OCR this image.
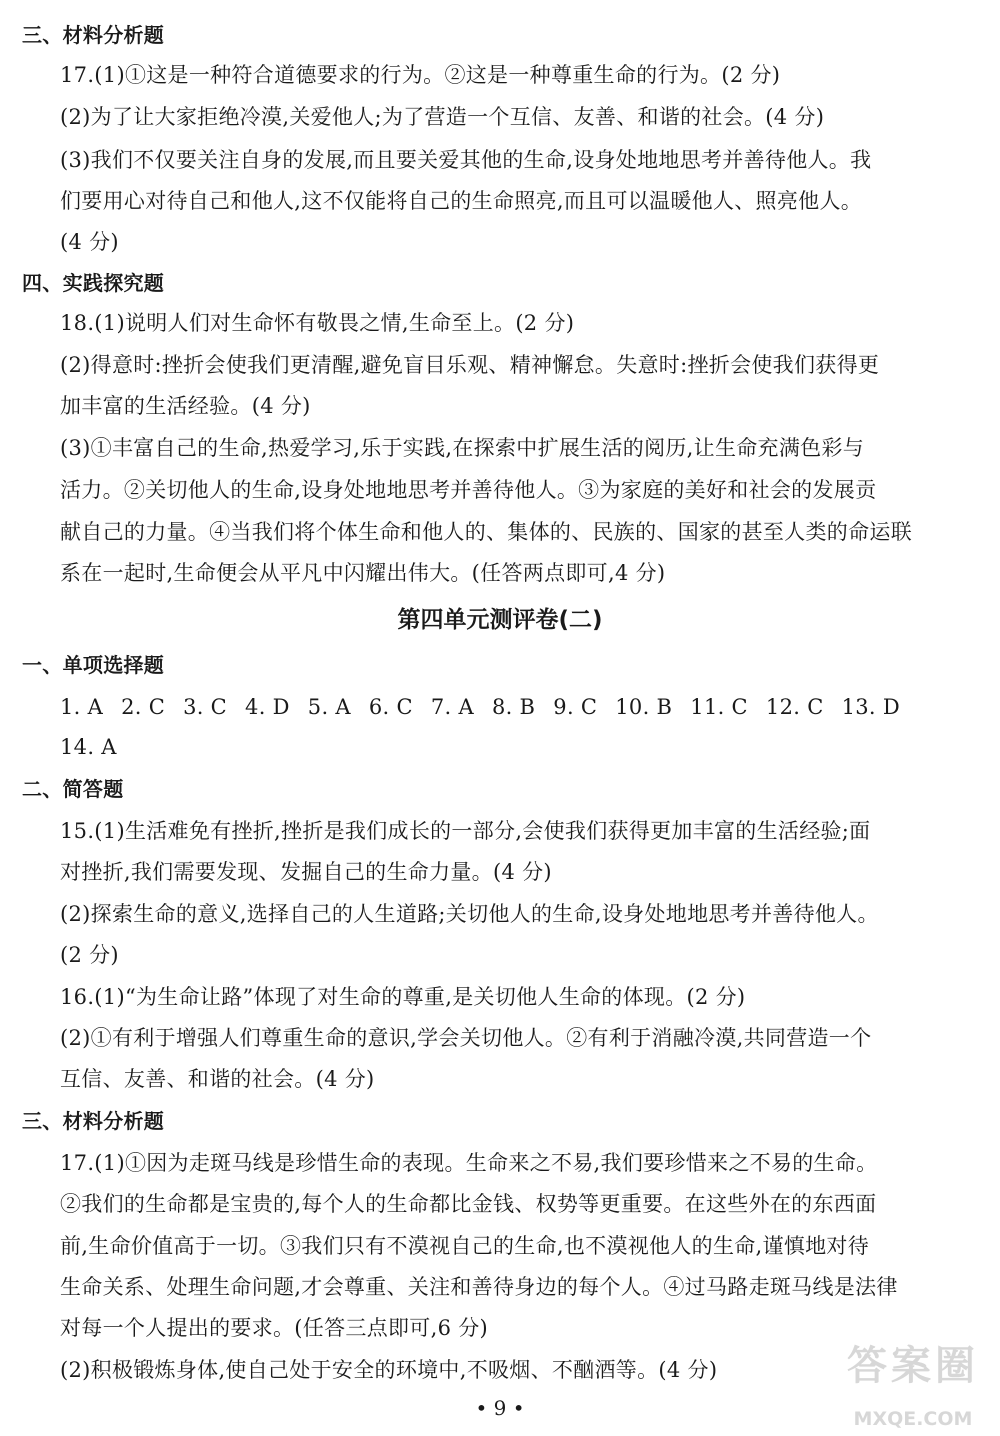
三、材料分析题
17.(1)①这是一种符合道德要求的行为。②这是一种尊重生命的行为。(2 分)
(2)为了让大家拒绝冷漠,关爱他人;为了营造一个互信、友善、和谐的社会。(4 分)
(3)我们不仅要关注自身的发展,而且要关爱其他的生命,设身处地地思考并善待他人。我
们要用心对待自己和他人,这不仅能将自己的生命照亮,而且可以温暖他人、照亮他人。
(4 分)
四、实践探究题
18.(1)说明人们对生命怀有敬畏之情,生命至上。(2 分)
(2)得意时:挫折会使我们更清醒,避免盲目乐观、精神懈怠。失意时:挫折会使我们获得更
加丰富的生活经验。(4 分)
(3)①丰富自己的生命,热爱学习,乐于实践,在探索中扩展生活的阅历,让生命充满色彩与
活力。②关切他人的生命,设身处地地思考并善待他人。③为家庭的美好和社会的发展贡
献自己的力量。④当我们将个体生命和他人的、集体的、民族的、国家的甚至人类的命运联
系在一起时,生命便会从平凡中闪耀出伟大。(任答两点即可,4 分)
第四单元测评卷(二)
一、单项选择题
1. A 2. C 3. C 4. D 5. A 6. C 7. A 8. B 9. C 10. B 11. C 12. C 13. D
14. A
二、简答题
15.(1)生活难免有挫折,挫折是我们成长的一部分,会使我们获得更加丰富的生活经验;面
对挫折,我们需要发现、发掘自己的生命力量。(4 分)
(2)探索生命的意义,选择自己的人生道路;关切他人的生命,设身处地地思考并善待他人。
(2 分)
16.(1)“为生命让路”体现了对生命的尊重,是关切他人生命的体现。(2 分)
(2)①有利于增强人们尊重生命的意识,学会关切他人。②有利于消融冷漠,共同营造一个
互信、友善、和谐的社会。(4 分)
三、材料分析题
17.(1)①因为走斑马线是珍惜生命的表现。生命来之不易,我们要珍惜来之不易的生命。
②我们的生命都是宝贵的,每个人的生命都比金钱、权势等更重要。在这些外在的东西面
前,生命价值高于一切。③我们只有不漠视自己的生命,也不漠视他人的生命,谨慎地对待
生命关系、处理生命问题,才会尊重、关注和善待身边的每个人。④过马路走斑马线是法律
对每一个人提出的要求。(任答三点即可,6 分)
(2)积极锻炼身体,使自己处于安全的环境中,不吸烟、不酗酒等。(4 分)
• 9 •
答案圈
MXQE.COM
